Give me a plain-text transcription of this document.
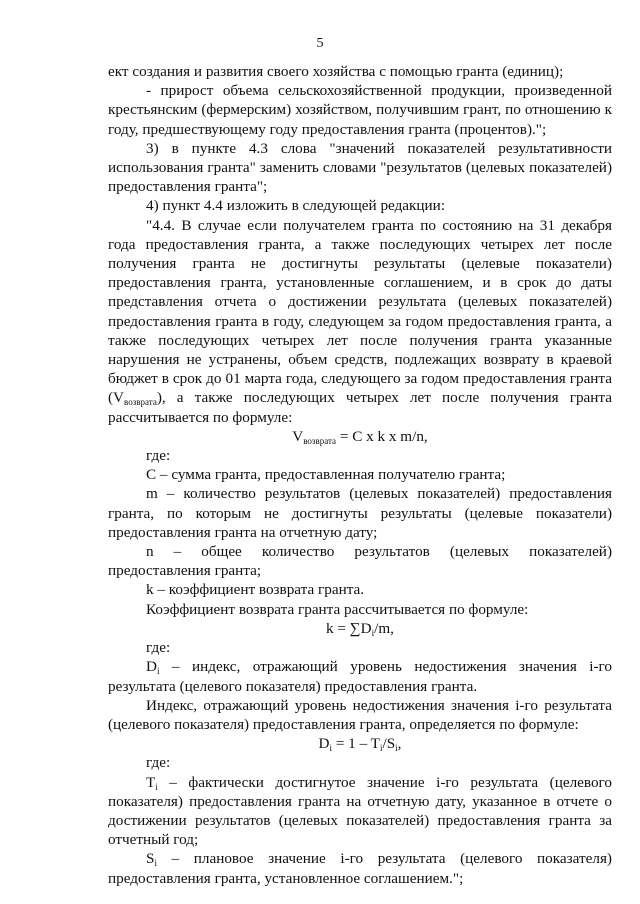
5

ект создания и развития своего хозяйства с помощью гранта (единиц);

- прирост объема сельскохозяйственной продукции, произведенной крестьянским (фермерским) хозяйством, получившим грант, по отношению к году, предшествующему году предоставления гранта (процентов).";

3) в пункте 4.3 слова "значений показателей результативности использования гранта" заменить словами "результатов (целевых показателей) предоставления гранта";

4) пункт 4.4 изложить в следующей редакции:

"4.4. В случае если получателем гранта по состоянию на 31 декабря года предоставления гранта, а также последующих четырех лет после получения гранта не достигнуты результаты (целевые показатели) предоставления гранта, установленные соглашением, и в срок до даты представления отчета о достижении результата (целевых показателей) предоставления гранта в году, следующем за годом предоставления гранта, а также последующих четырех лет после получения гранта указанные нарушения не устранены, объем средств, подлежащих возврату в краевой бюджет в срок до 01 марта года, следующего за годом предоставления гранта $(V_{возврата})$, а также последующих четырех лет после получения гранта рассчитывается по формуле:

$V_{возврата} = C$ x k x m/n,

где:

С – сумма гранта, предоставленная получателю гранта;

m – количество результатов (целевых показателей) предоставления гранта, по которым не достигнуты результаты (целевые показатели) предоставления гранта на отчетную дату;

n – общее количество результатов (целевых показателей) предоставления гранта;

k – коэффициент возврата гранта.

Коэффициент возврата гранта рассчитывается по формуле:

$k = \sum D_i/m$,

где:

$D_i$ – индекс, отражающий уровень недостижения значения i-го результата (целевого показателя) предоставления гранта.

Индекс, отражающий уровень недостижения значения i-го результата (целевого показателя) предоставления гранта, определяется по формуле:

$D_i = 1 - T_i/S_i$,

где:

$T_i$ – фактически достигнутое значение i-го результата (целевого показателя) предоставления гранта на отчетную дату, указанное в отчете о достижении результатов (целевых показателей) предоставления гранта за отчетный год;

$S_i$ – плановое значение i-го результата (целевого показателя) предоставления гранта, установленное соглашением.";
